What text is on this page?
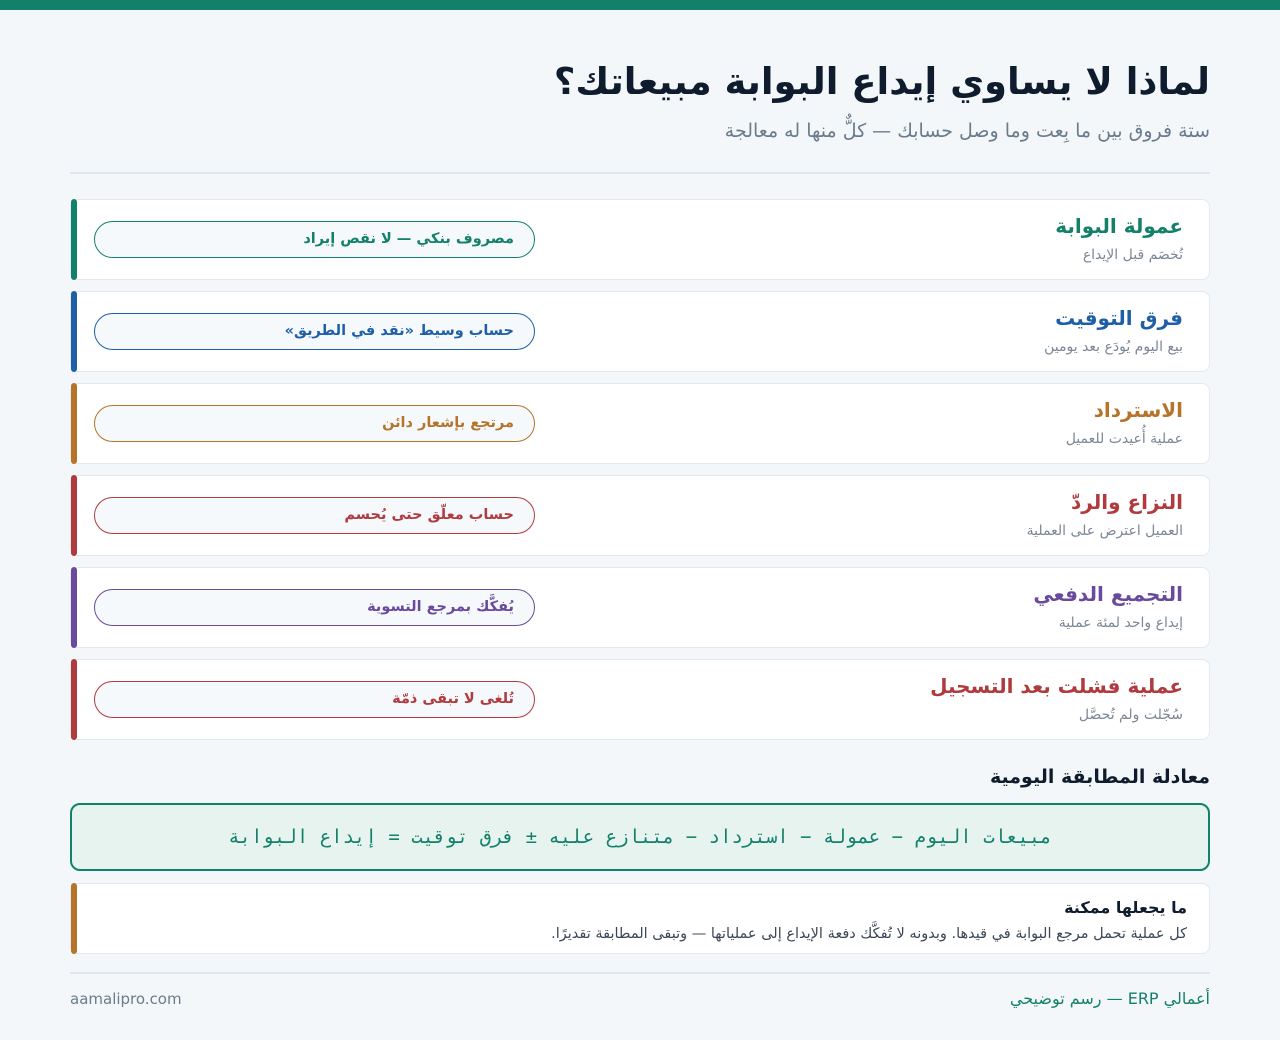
لماذا لا يساوي إيداع البوابة مبيعاتك؟
ستة فروق بين ما بِعت وما وصل حسابك — كلٌّ منها له معالجة
عمولة البوابة
تُخصَم قبل الإيداع
مصروف بنكي — لا نقص إيراد
فرق التوقيت
بيع اليوم يُودَع بعد يومين
حساب وسيط «نقد في الطريق»
الاسترداد
عملية أُعيدت للعميل
مرتجع بإشعار دائن
النزاع والردّ
العميل اعترض على العملية
حساب معلّق حتى يُحسم
التجميع الدفعي
إيداع واحد لمئة عملية
يُفكَّك بمرجع التسوية
عملية فشلت بعد التسجيل
سُجّلت ولم تُحصَّل
تُلغى لا تبقى ذمّة
معادلة المطابقة اليومية
مبيعات اليوم − عمولة − استرداد − متنازع عليه ± فرق توقيت = إيداع البوابة
ما يجعلها ممكنة
كل عملية تحمل مرجع البوابة في قيدها. وبدونه لا تُفكَّك دفعة الإيداع إلى عملياتها — وتبقى المطابقة تقديرًا.
أعمالي ERP — رسم توضيحي
aamalipro.com
